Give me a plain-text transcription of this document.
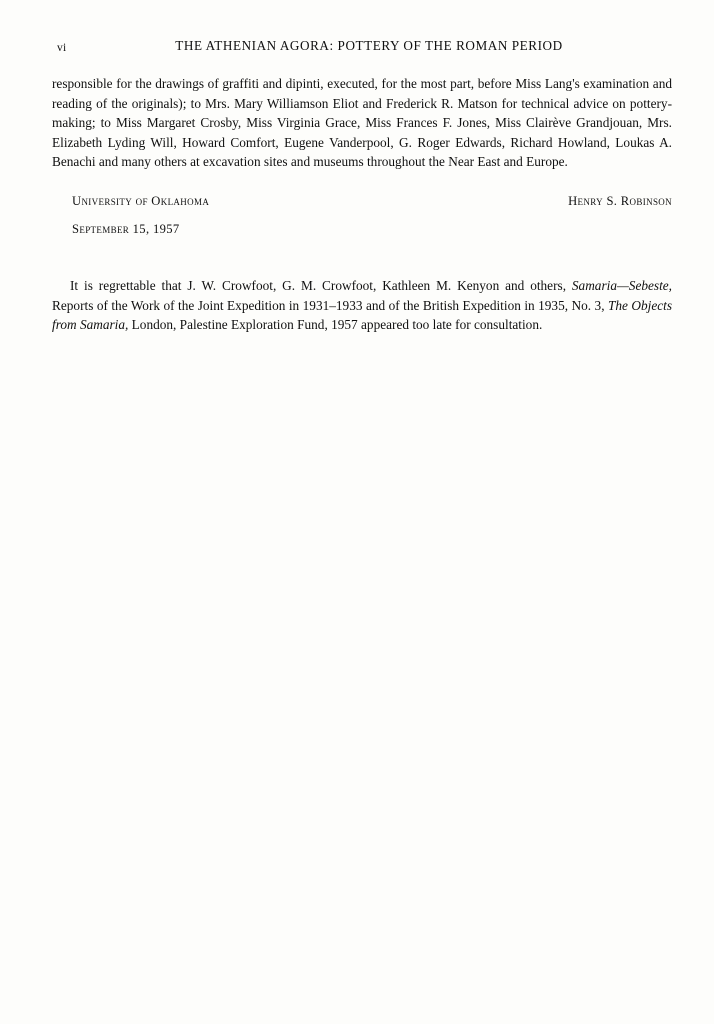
vi	THE ATHENIAN AGORA: POTTERY OF THE ROMAN PERIOD

responsible for the drawings of graffiti and dipinti, executed, for the most part, before Miss Lang's examination and reading of the originals); to Mrs. Mary Williamson Eliot and Frederick R. Matson for technical advice on pottery-making; to Miss Margaret Crosby, Miss Virginia Grace, Miss Frances F. Jones, Miss Clairève Grandjouan, Mrs. Elizabeth Lyding Will, Howard Comfort, Eugene Vanderpool, G. Roger Edwards, Richard Howland, Loukas A. Benachi and many others at excavation sites and museums throughout the Near East and Europe.

University of Oklahoma	Henry S. Robinson
September 15, 1957

It is regrettable that J. W. Crowfoot, G. M. Crowfoot, Kathleen M. Kenyon and others, Samaria—Sebeste, Reports of the Work of the Joint Expedition in 1931–1933 and of the British Expedition in 1935, No. 3, The Objects from Samaria, London, Palestine Exploration Fund, 1957 appeared too late for consultation.
